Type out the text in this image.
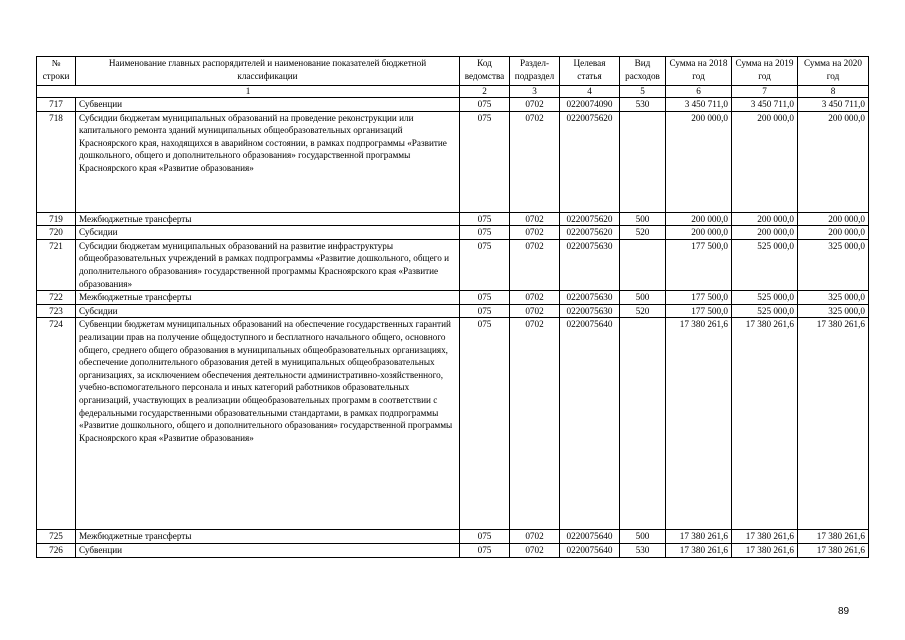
№ строки	Наименование главных распорядителей и наименование показателей бюджетной классификации	Код ведомства	Раздел-подраздел	Целевая статья	Вид расходов	Сумма на 2018 год	Сумма на 2019 год	Сумма на 2020 год
1		2	3	4	5	6	7	8
717	Субвенции	075	0702	0220074090	530	3 450 711,0	3 450 711,0	3 450 711,0
718	Субсидии бюджетам муниципальных образований на проведение реконструкции или капитального ремонта зданий муниципальных общеобразовательных организаций Красноярского края, находящихся в аварийном состоянии, в рамках подпрограммы «Развитие дошкольного, общего и дополнительного образования» государственной программы Красноярского края «Развитие образования»	075	0702	0220075620		200 000,0	200 000,0	200 000,0
719	Межбюджетные трансферты	075	0702	0220075620	500	200 000,0	200 000,0	200 000,0
720	Субсидии	075	0702	0220075620	520	200 000,0	200 000,0	200 000,0
721	Субсидии бюджетам муниципальных образований на развитие инфраструктуры общеобразовательных учреждений в рамках подпрограммы «Развитие дошкольного, общего и дополнительного образования» государственной программы Красноярского края «Развитие образования»	075	0702	0220075630		177 500,0	525 000,0	325 000,0
722	Межбюджетные трансферты	075	0702	0220075630	500	177 500,0	525 000,0	325 000,0
723	Субсидии	075	0702	0220075630	520	177 500,0	525 000,0	325 000,0
724	Субвенции бюджетам муниципальных образований на обеспечение государственных гарантий реализации прав на получение общедоступного и бесплатного начального общего, основного общего, среднего общего образования в муниципальных общеобразовательных организациях, обеспечение дополнительного образования детей в муниципальных общеобразовательных организациях, за исключением обеспечения деятельности административно-хозяйственного, учебно-вспомогательного персонала и иных категорий работников образовательных организаций, участвующих в реализации общеобразовательных программ в соответствии с федеральными государственными образовательными стандартами, в рамках подпрограммы «Развитие дошкольного, общего и дополнительного образования» государственной программы Красноярского края «Развитие образования»	075	0702	0220075640		17 380 261,6	17 380 261,6	17 380 261,6
725	Межбюджетные трансферты	075	0702	0220075640	500	17 380 261,6	17 380 261,6	17 380 261,6
726	Субвенции	075	0702	0220075640	530	17 380 261,6	17 380 261,6	17 380 261,6
89
